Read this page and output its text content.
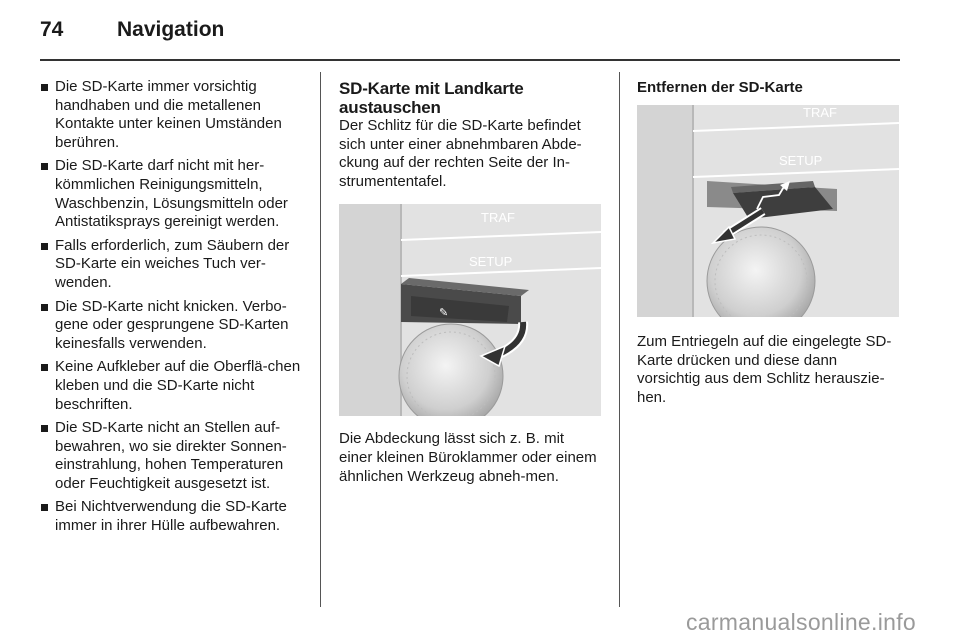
74	Navigation
Die SD-Karte immer vorsichtig handhaben und die metallenen Kontakte unter keinen Umständen berühren.
Die SD-Karte darf nicht mit her-kömmlichen Reinigungsmitteln, Waschbenzin, Lösungsmitteln oder Antistatiksprays gereinigt werden.
Falls erforderlich, zum Säubern der SD-Karte ein weiches Tuch ver-wenden.
Die SD-Karte nicht knicken. Verbo-gene oder gesprungene SD-Karten keinesfalls verwenden.
Keine Aufkleber auf die Oberflä-chen kleben und die SD-Karte nicht beschriften.
Die SD-Karte nicht an Stellen auf-bewahren, wo sie direkter Sonnen-einstrahlung, hohen Temperaturen oder Feuchtigkeit ausgesetzt ist.
Bei Nichtverwendung die SD-Karte immer in ihrer Hülle aufbewahren.
SD-Karte mit Landkarte austauschen

Der Schlitz für die SD-Karte befindet sich unter einer abnehmbaren Abde-ckung auf der rechten Seite der In-strumententafel.

TRAF
SETUP
✎

Die Abdeckung lässt sich z. B. mit einer kleinen Büroklammer oder einem ähnlichen Werkzeug abneh-men.

Entfernen der SD-Karte
TRAF
SETUP

Zum Entriegeln auf die eingelegte SD-Karte drücken und diese dann vorsichtig aus dem Schlitz herauszie-hen.

carmanualsonline.info
